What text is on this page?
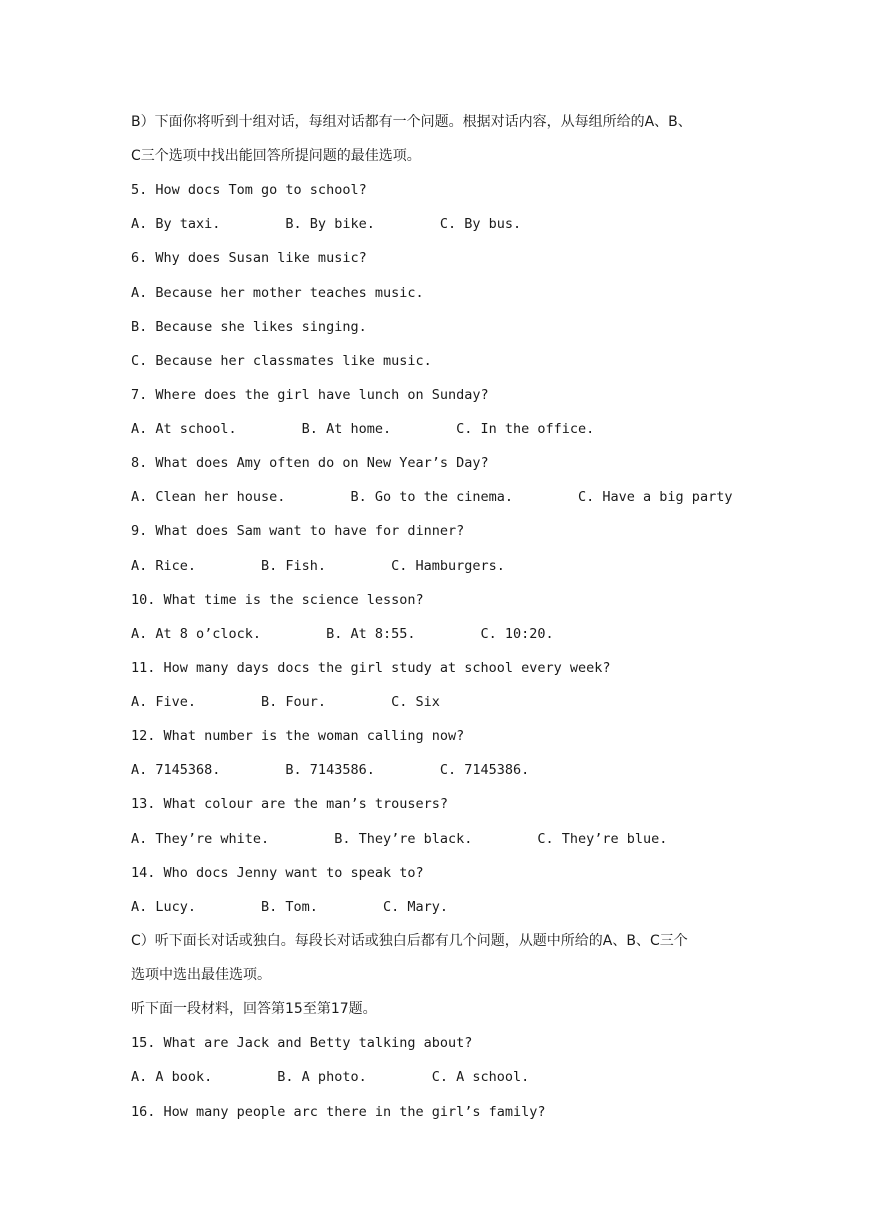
B）下面你将听到十组对话，每组对话都有一个问题。根据对话内容，从每组所给的A、B、
C三个选项中找出能回答所提问题的最佳选项。
5. How docs Tom go to school?
A. By taxi.        B. By bike.        C. By bus.
6. Why does Susan like music?
A. Because her mother teaches music.
B. Because she likes singing.
C. Because her classmates like music.
7. Where does the girl have lunch on Sunday?
A. At school.        B. At home.        C. In the office.
8. What does Amy often do on New Year’s Day?
A. Clean her house.        B. Go to the cinema.        C. Have a big party
9. What does Sam want to have for dinner?
A. Rice.        B. Fish.        C. Hamburgers.
10. What time is the science lesson?
A. At 8 o’clock.        B. At 8:55.        C. 10:20.
11. How many days docs the girl study at school every week?
A. Five.        B. Four.        C. Six
12. What number is the woman calling now?
A. 7145368.        B. 7143586.        C. 7145386.
13. What colour are the man’s trousers?
A. They’re white.        B. They’re black.        C. They’re blue.
14. Who docs Jenny want to speak to?
A. Lucy.        B. Tom.        C. Mary.
C）听下面长对话或独白。每段长对话或独白后都有几个问题，从题中所给的A、B、C三个
选项中选出最佳选项。
听下面一段材料，回答第15至第17题。
15. What are Jack and Betty talking about?
A. A book.        B. A photo.        C. A school.
16. How many people arc there in the girl’s family?
